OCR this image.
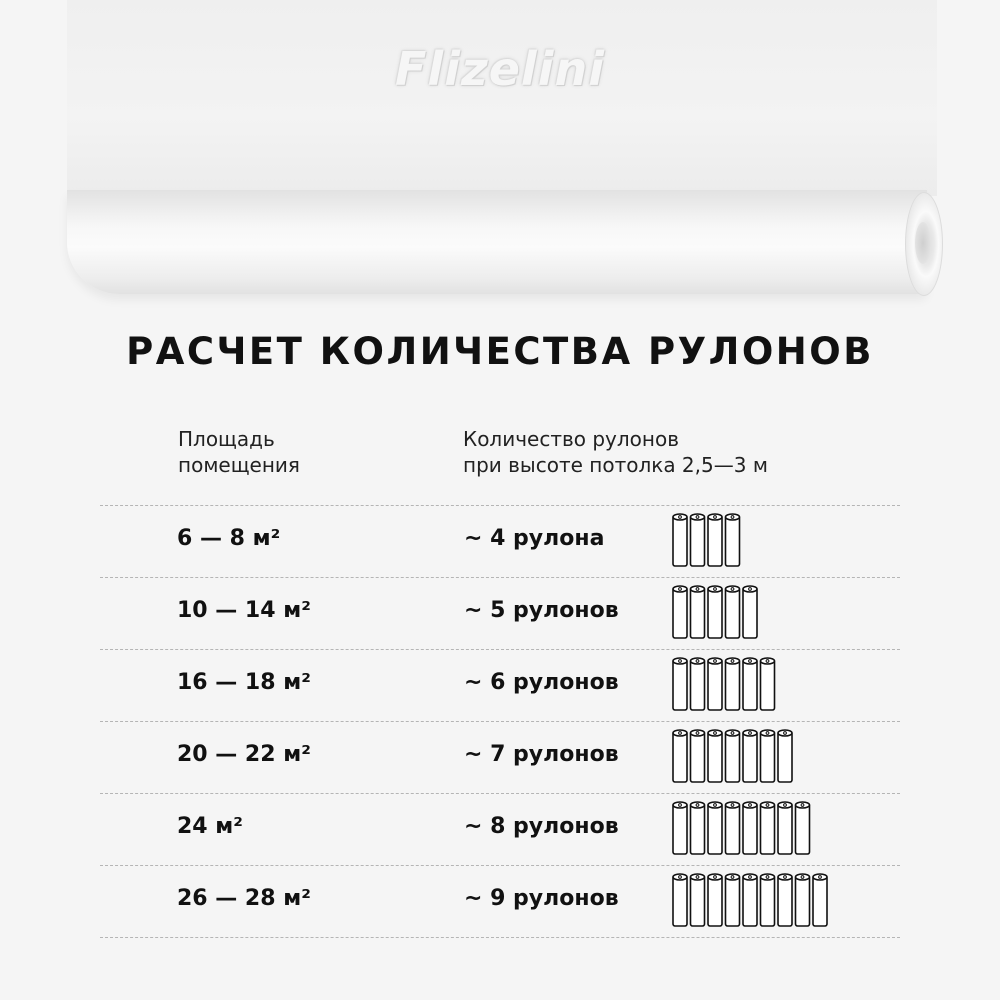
Flizelini
РАСЧЕТ КОЛИЧЕСТВА РУЛОНОВ
Площадь
помещения
Количество рулонов
при высоте потолка 2,5—3 м
6 — 8 м²	~ 4 рулона
10 — 14 м²	~ 5 рулонов
16 — 18 м²	~ 6 рулонов
20 — 22 м²	~ 7 рулонов
24 м²	~ 8 рулонов
26 — 28 м²	~ 9 рулонов
